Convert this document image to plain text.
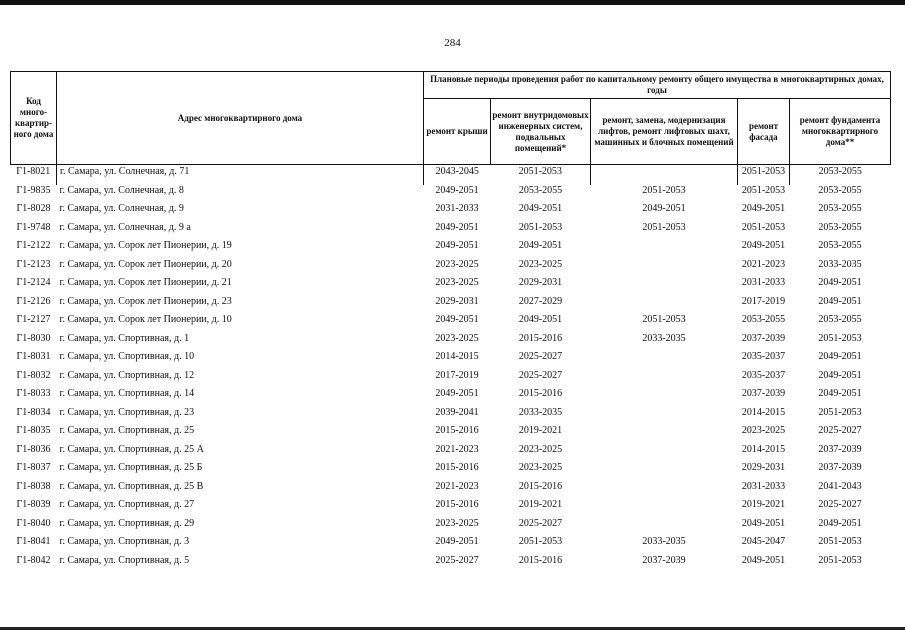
284
Код много-квартир-ного дома	Адрес многоквартирного дома	Плановые периоды проведения работ по капитальному ремонту общего имущества в многоквартирных домах, годы				
		ремонт крыши	ремонт внутридомовых инженерных систем, подвальных помещений*	ремонт, замена, модернизация лифтов, ремонт лифтовых шахт, машинных и блочных помещений	ремонт фасада	ремонт фундамента многоквартирного дома**
Г1-8021	г. Самара, ул. Солнечная, д. 71	2043-2045	2051-2053		2051-2053	2053-2055
Г1-9835	г. Самара, ул. Солнечная, д. 8	2049-2051	2053-2055	2051-2053	2051-2053	2053-2055
Г1-8028	г. Самара, ул. Солнечная, д. 9	2031-2033	2049-2051	2049-2051	2049-2051	2053-2055
Г1-9748	г. Самара, ул. Солнечная, д. 9 а	2049-2051	2051-2053	2051-2053	2051-2053	2053-2055
Г1-2122	г. Самара, ул. Сорок лет Пионерии, д. 19	2049-2051	2049-2051		2049-2051	2053-2055
Г1-2123	г. Самара, ул. Сорок лет Пионерии, д. 20	2023-2025	2023-2025		2021-2023	2033-2035
Г1-2124	г. Самара, ул. Сорок лет Пионерии, д. 21	2023-2025	2029-2031		2031-2033	2049-2051
Г1-2126	г. Самара, ул. Сорок лет Пионерии, д. 23	2029-2031	2027-2029		2017-2019	2049-2051
Г1-2127	г. Самара, ул. Сорок лет Пионерии, д. 10	2049-2051	2049-2051	2051-2053	2053-2055	2053-2055
Г1-8030	г. Самара, ул. Спортивная, д. 1	2023-2025	2015-2016	2033-2035	2037-2039	2051-2053
Г1-8031	г. Самара, ул. Спортивная, д. 10	2014-2015	2025-2027		2035-2037	2049-2051
Г1-8032	г. Самара, ул. Спортивная, д. 12	2017-2019	2025-2027		2035-2037	2049-2051
Г1-8033	г. Самара, ул. Спортивная, д. 14	2049-2051	2015-2016		2037-2039	2049-2051
Г1-8034	г. Самара, ул. Спортивная, д. 23	2039-2041	2033-2035		2014-2015	2051-2053
Г1-8035	г. Самара, ул. Спортивная, д. 25	2015-2016	2019-2021		2023-2025	2025-2027
Г1-8036	г. Самара, ул. Спортивная, д. 25 А	2021-2023	2023-2025		2014-2015	2037-2039
Г1-8037	г. Самара, ул. Спортивная, д. 25 Б	2015-2016	2023-2025		2029-2031	2037-2039
Г1-8038	г. Самара, ул. Спортивная, д. 25 В	2021-2023	2015-2016		2031-2033	2041-2043
Г1-8039	г. Самара, ул. Спортивная, д. 27	2015-2016	2019-2021		2019-2021	2025-2027
Г1-8040	г. Самара, ул. Спортивная, д. 29	2023-2025	2025-2027		2049-2051	2049-2051
Г1-8041	г. Самара, ул. Спортивная, д. 3	2049-2051	2051-2053	2033-2035	2045-2047	2051-2053
Г1-8042	г. Самара, ул. Спортивная, д. 5	2025-2027	2015-2016	2037-2039	2049-2051	2051-2053
